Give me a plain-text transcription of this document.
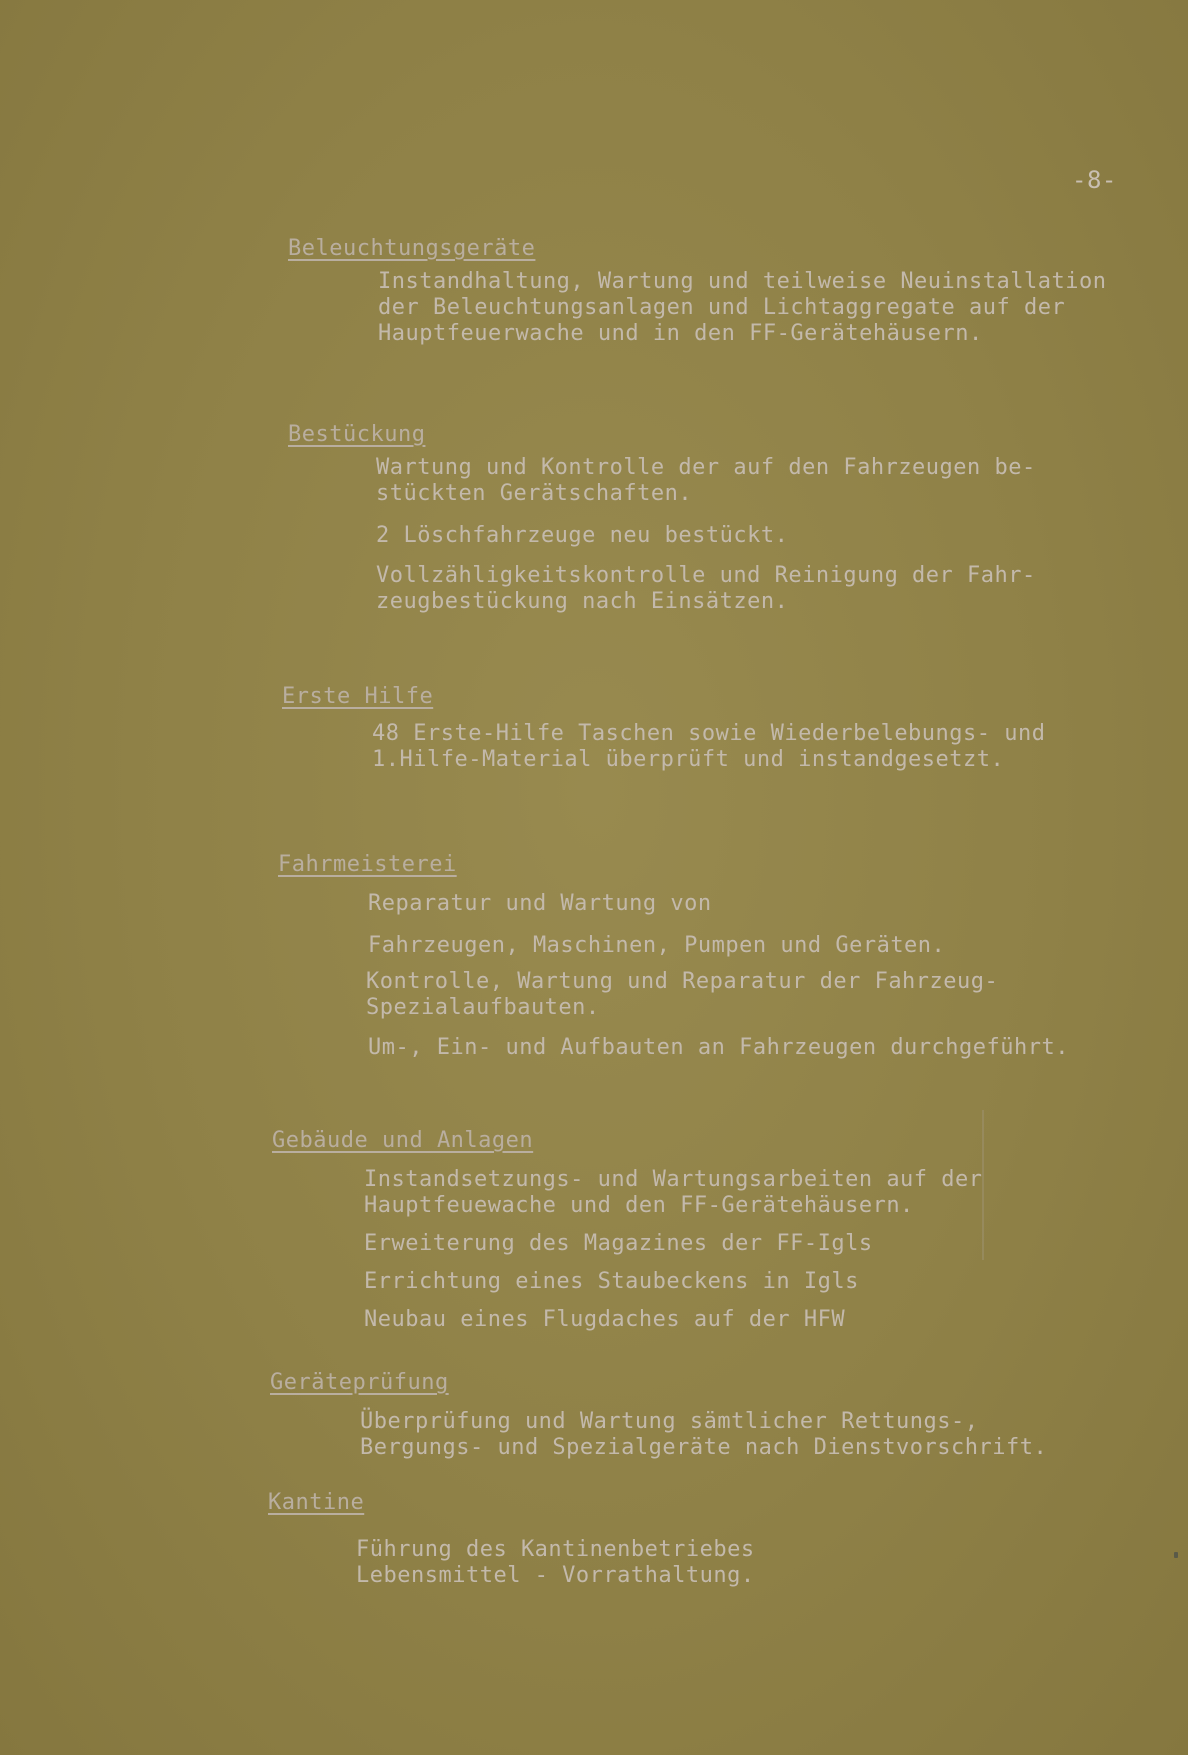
-8-
Beleuchtungsgeräte

Instandhaltung, Wartung und teilweise Neuinstallation
der Beleuchtungsanlagen und Lichtaggregate auf der
Hauptfeuerwache und in den FF-Gerätehäusern.

Bestückung

Wartung und Kontrolle der auf den Fahrzeugen be-
stückten Gerätschaften.

2 Löschfahrzeuge neu bestückt.

Vollzähligkeitskontrolle und Reinigung der Fahr-
zeugbestückung nach Einsätzen.

Erste Hilfe

48 Erste-Hilfe Taschen sowie Wiederbelebungs- und
1.Hilfe-Material überprüft und instandgesetzt.

Fahrmeisterei

Reparatur und Wartung von

Fahrzeugen, Maschinen, Pumpen und Geräten.

Kontrolle, Wartung und Reparatur der Fahrzeug-
Spezialaufbauten.

Um-, Ein- und Aufbauten an Fahrzeugen durchgeführt.

Gebäude und Anlagen

Instandsetzungs- und Wartungsarbeiten auf der
Hauptfeuewache und den FF-Gerätehäusern.

Erweiterung des Magazines der FF-Igls

Errichtung eines Staubeckens in Igls

Neubau eines Flugdaches auf der HFW

Geräteprüfung

Überprüfung und Wartung sämtlicher Rettungs-,
Bergungs- und Spezialgeräte nach Dienstvorschrift.

Kantine

Führung des Kantinenbetriebes
Lebensmittel - Vorrathaltung.
